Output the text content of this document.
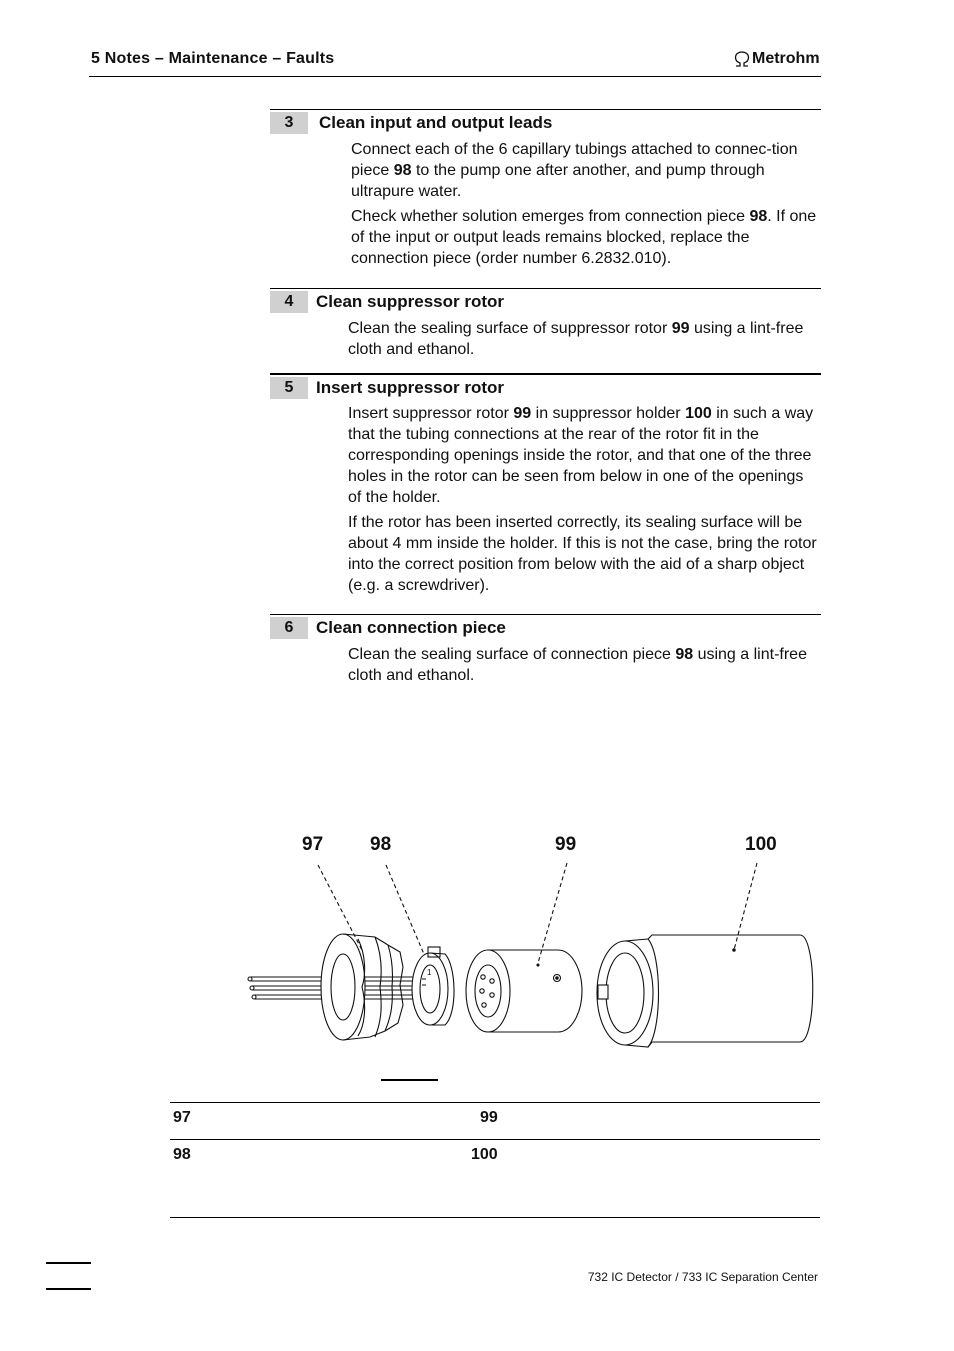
5 Notes – Maintenance – Faults	Metrohm
3	Clean input and output leads
Connect each of the 6 capillary tubings attached to connec-tion piece 98 to the pump one after another, and pump through ultrapure water.
Check whether solution emerges from connection piece 98. If one of the input or output leads remains blocked, replace the connection piece (order number 6.2832.010).
4	Clean suppressor rotor
Clean the sealing surface of suppressor rotor 99 using a lint-free cloth and ethanol.
5	Insert suppressor rotor
Insert suppressor rotor 99 in suppressor holder 100 in such a way that the tubing connections at the rear of the rotor fit in the corresponding openings inside the rotor, and that one of the three holes in the rotor can be seen from below in one of the openings of the holder.
If the rotor has been inserted correctly, its sealing surface will be about 4 mm inside the holder. If this is not the case, bring the rotor into the correct position from below with the aid of a sharp object (e.g. a screwdriver).
6	Clean connection piece
Clean the sealing surface of connection piece 98 using a lint-free cloth and ethanol.
97 98	99	100
1
97	99
98	100
732 IC Detector / 733 IC Separation Center
